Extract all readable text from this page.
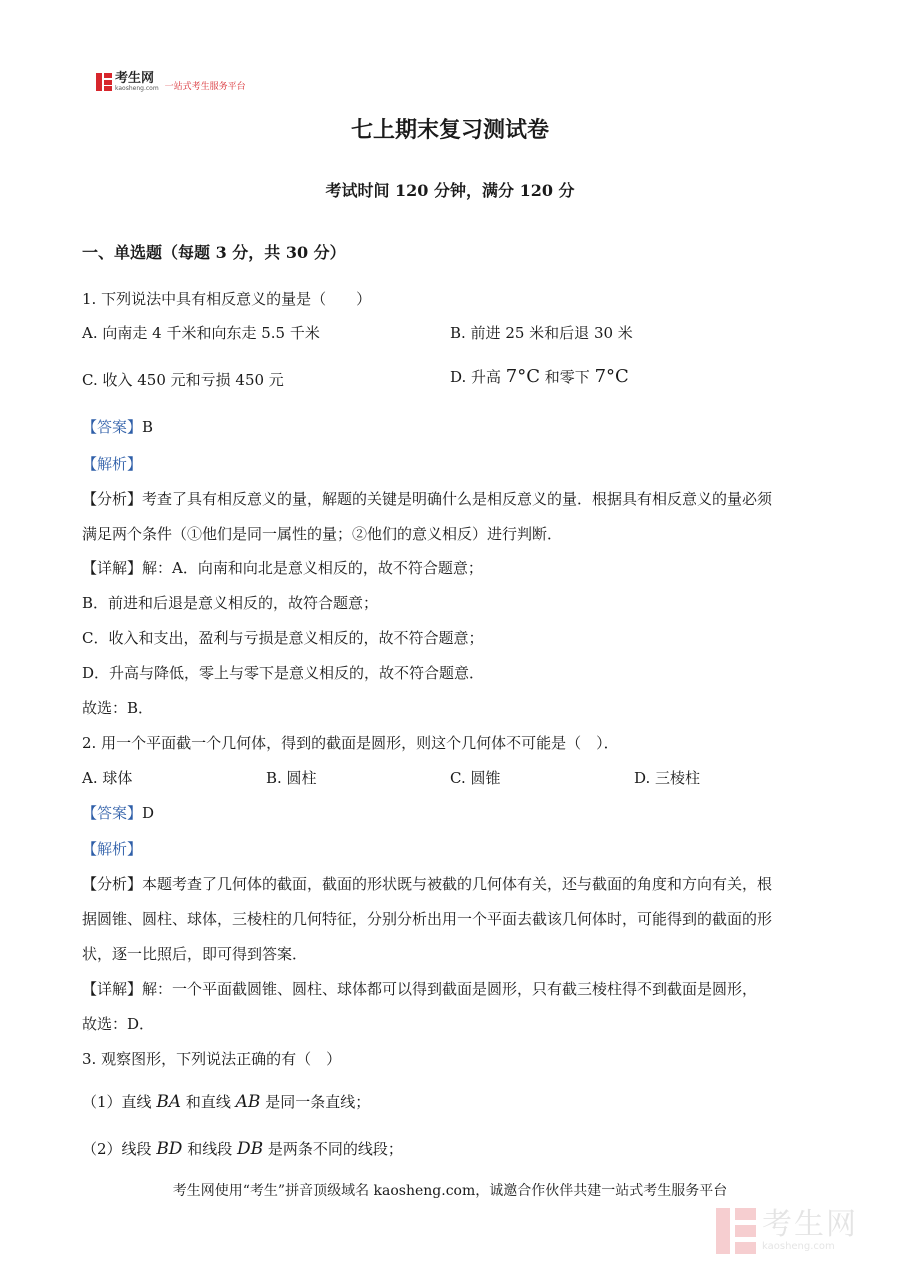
考生网
kaosheng.com 一站式考生服务平台
七上期末复习测试卷
考试时间 120 分钟，满分 120 分
一、单选题（每题 3 分，共 30 分）
1. 下列说法中具有相反意义的量是（　　）
A. 向南走 4 千米和向东走 5.5 千米	B. 前进 25 米和后退 30 米
C. 收入 450 元和亏损 450 元	D. 升高 7°C 和零下 7°C
【答案】B
【解析】
【分析】考查了具有相反意义的量，解题的关键是明确什么是相反意义的量．根据具有相反意义的量必须
满足两个条件（①他们是同一属性的量；②他们的意义相反）进行判断．
【详解】解：A．向南和向北是意义相反的，故不符合题意；
B．前进和后退是意义相反的，故符合题意；
C．收入和支出，盈利与亏损是意义相反的，故不符合题意；
D．升高与降低，零上与零下是意义相反的，故不符合题意．
故选：B．
2. 用一个平面截一个几何体，得到的截面是圆形，则这个几何体不可能是（　）．
A. 球体	B. 圆柱	C. 圆锥	D. 三棱柱
【答案】D
【解析】
【分析】本题考查了几何体的截面，截面的形状既与被截的几何体有关，还与截面的角度和方向有关，根
据圆锥、圆柱、球体，三棱柱的几何特征，分别分析出用一个平面去截该几何体时，可能得到的截面的形
状，逐一比照后，即可得到答案．
【详解】解：一个平面截圆锥、圆柱、球体都可以得到截面是圆形，只有截三棱柱得不到截面是圆形，
故选：D．
3. 观察图形，下列说法正确的有（　）
（1）直线 BA 和直线 AB 是同一条直线；
（2）线段 BD 和线段 DB 是两条不同的线段；
考生网使用“考生”拼音顶级域名 kaosheng.com，诚邀合作伙伴共建一站式考生服务平台
考生网
kaosheng.com
